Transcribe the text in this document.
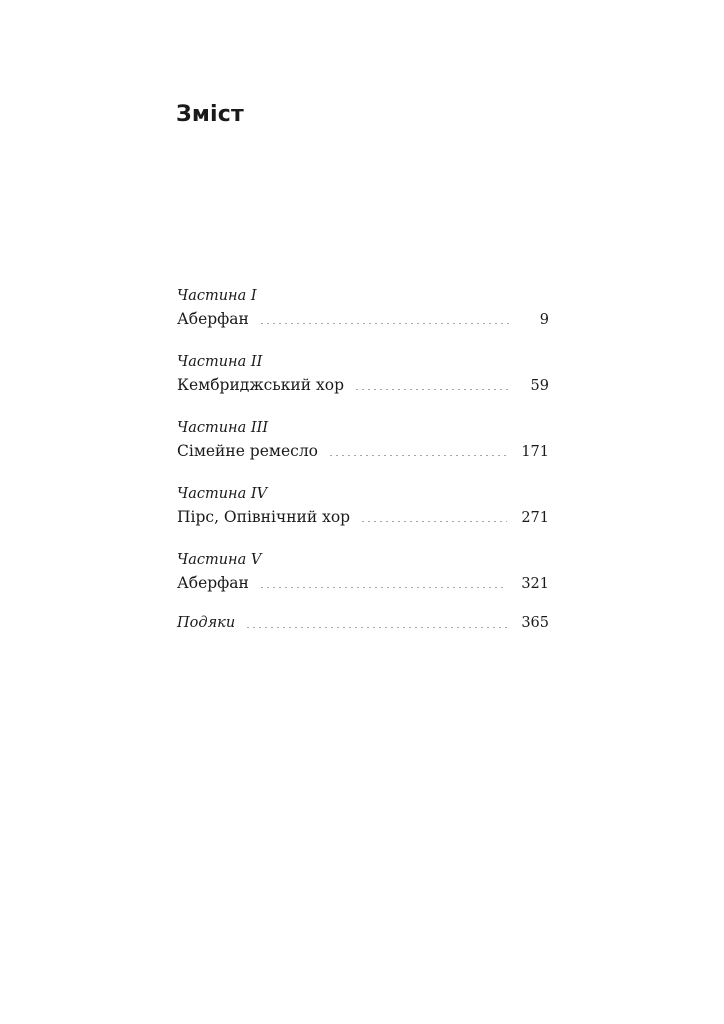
Зміст
Частина I
Аберфан	9
Частина II
Кембриджський хор	59
Частина III
Сімейне ремесло	171
Частина IV
Пірс, Опівнічний хор	271
Частина V
Аберфан	321
Подяки	365
